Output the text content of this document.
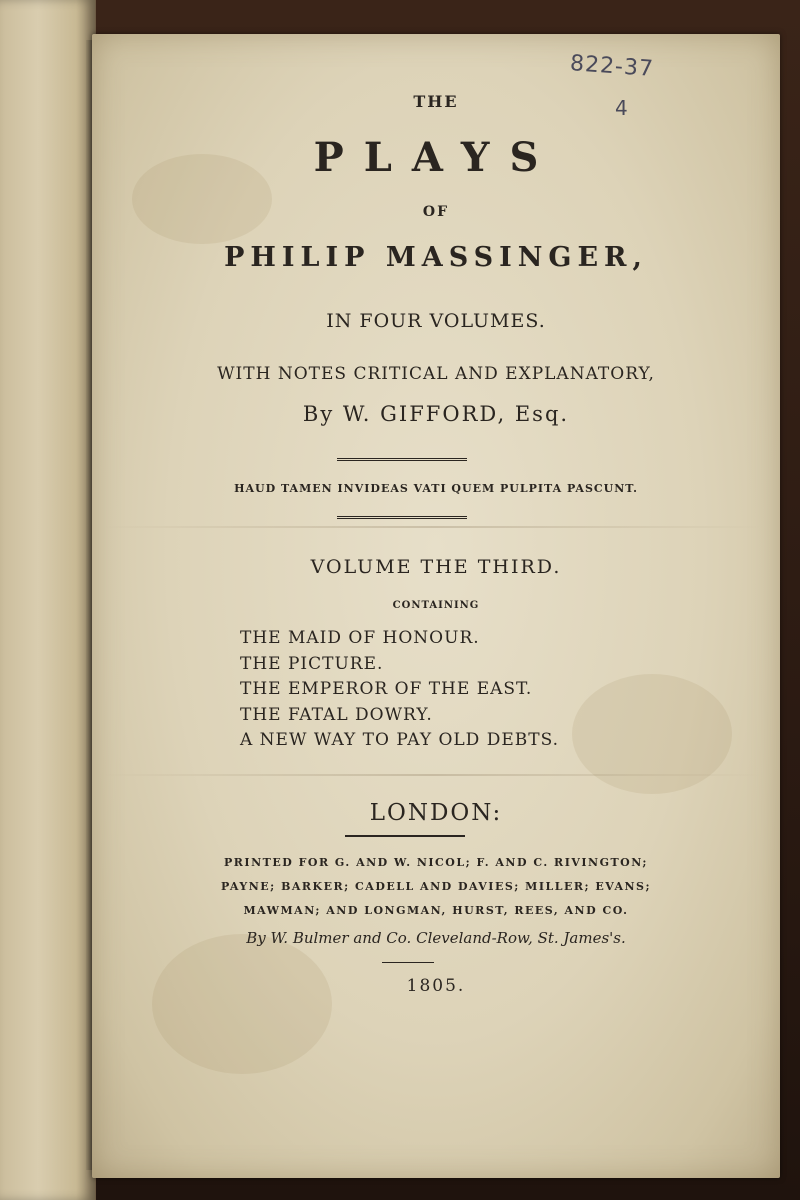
822-37
4
THE
PLAYS
OF
PHILIP MASSINGER,
IN FOUR VOLUMES.
WITH NOTES CRITICAL AND EXPLANATORY,
By W. GIFFORD, Esq.
HAUD TAMEN INVIDEAS VATI QUEM PULPITA PASCUNT.
VOLUME THE THIRD.
CONTAINING
THE MAID OF HONOUR.
THE PICTURE.
THE EMPEROR OF THE EAST.
THE FATAL DOWRY.
A NEW WAY TO PAY OLD DEBTS.
LONDON:
PRINTED FOR G. AND W. NICOL; F. AND C. RIVINGTON;
PAYNE; BARKER; CADELL AND DAVIES; MILLER; EVANS;
MAWMAN; AND LONGMAN, HURST, REES, AND CO.
By W. Bulmer and Co. Cleveland-Row, St. James's.
1805.
